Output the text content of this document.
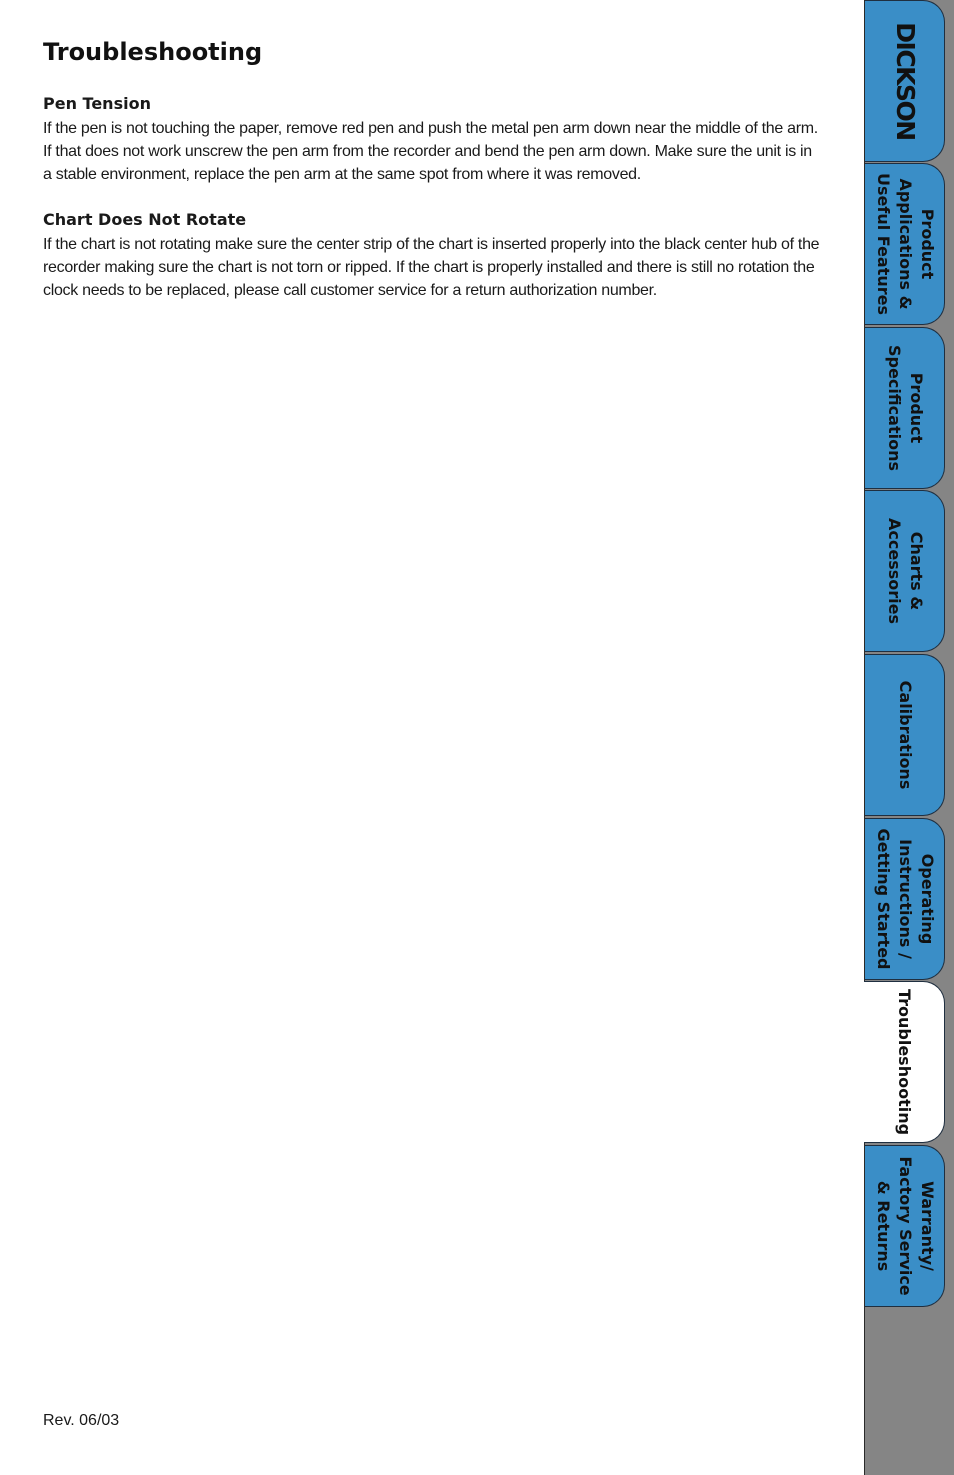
Troubleshooting
Pen Tension

If the pen is not touching the paper, remove red pen and push the metal pen arm down near the middle of the arm. If that does not work unscrew the pen arm from the recorder and bend the pen arm down. Make sure the unit is in a stable environment, replace the pen arm at the same spot from where it was removed.

Chart Does Not Rotate

If the chart is not rotating make sure the center strip of the chart is inserted properly into the black center hub of the recorder making sure the chart is not torn or ripped. If the chart is properly installed and there is still no rotation the clock needs to be replaced, please call customer service for a return authorization number.

Rev. 06/03
DICKSON
Product
Applications &
Useful Features
Product
Specifications
Charts &
Accessories
Calibrations
Operating
Instructions /
Getting Started
Troubleshooting
Warranty/
Factory Service
& Returns
